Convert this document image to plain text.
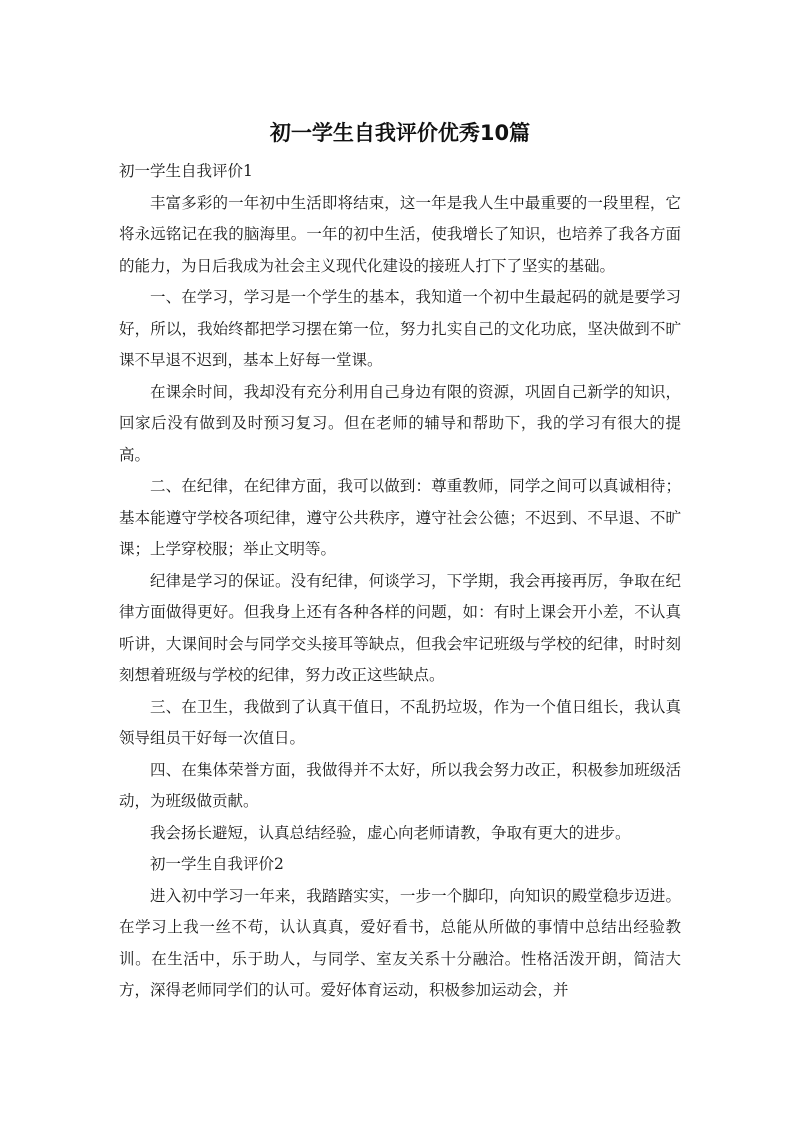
初一学生自我评价优秀10篇

初一学生自我评价1

丰富多彩的一年初中生活即将结束，这一年是我人生中最重要的一段里程，它将永远铭记在我的脑海里。一年的初中生活，使我增长了知识，也培养了我各方面的能力，为日后我成为社会主义现代化建设的接班人打下了坚实的基础。

一、在学习，学习是一个学生的基本，我知道一个初中生最起码的就是要学习好，所以，我始终都把学习摆在第一位，努力扎实自己的文化功底，坚决做到不旷课不早退不迟到，基本上好每一堂课。

在课余时间，我却没有充分利用自己身边有限的资源，巩固自己新学的知识，回家后没有做到及时预习复习。但在老师的辅导和帮助下，我的学习有很大的提高。

二、在纪律，在纪律方面，我可以做到：尊重教师，同学之间可以真诚相待；基本能遵守学校各项纪律，遵守公共秩序，遵守社会公德；不迟到、不早退、不旷课；上学穿校服；举止文明等。

纪律是学习的保证。没有纪律，何谈学习，下学期，我会再接再厉，争取在纪律方面做得更好。但我身上还有各种各样的问题，如：有时上课会开小差，不认真听讲，大课间时会与同学交头接耳等缺点，但我会牢记班级与学校的纪律，时时刻刻想着班级与学校的纪律，努力改正这些缺点。

三、在卫生，我做到了认真干值日，不乱扔垃圾，作为一个值日组长，我认真领导组员干好每一次值日。

四、在集体荣誉方面，我做得并不太好，所以我会努力改正，积极参加班级活动，为班级做贡献。

我会扬长避短，认真总结经验，虚心向老师请教，争取有更大的进步。

初一学生自我评价2

进入初中学习一年来，我踏踏实实，一步一个脚印，向知识的殿堂稳步迈进。在学习上我一丝不苟，认认真真，爱好看书，总能从所做的事情中总结出经验教训。在生活中，乐于助人，与同学、室友关系十分融洽。性格活泼开朗，简洁大方，深得老师同学们的认可。爱好体育运动，积极参加运动会，并
